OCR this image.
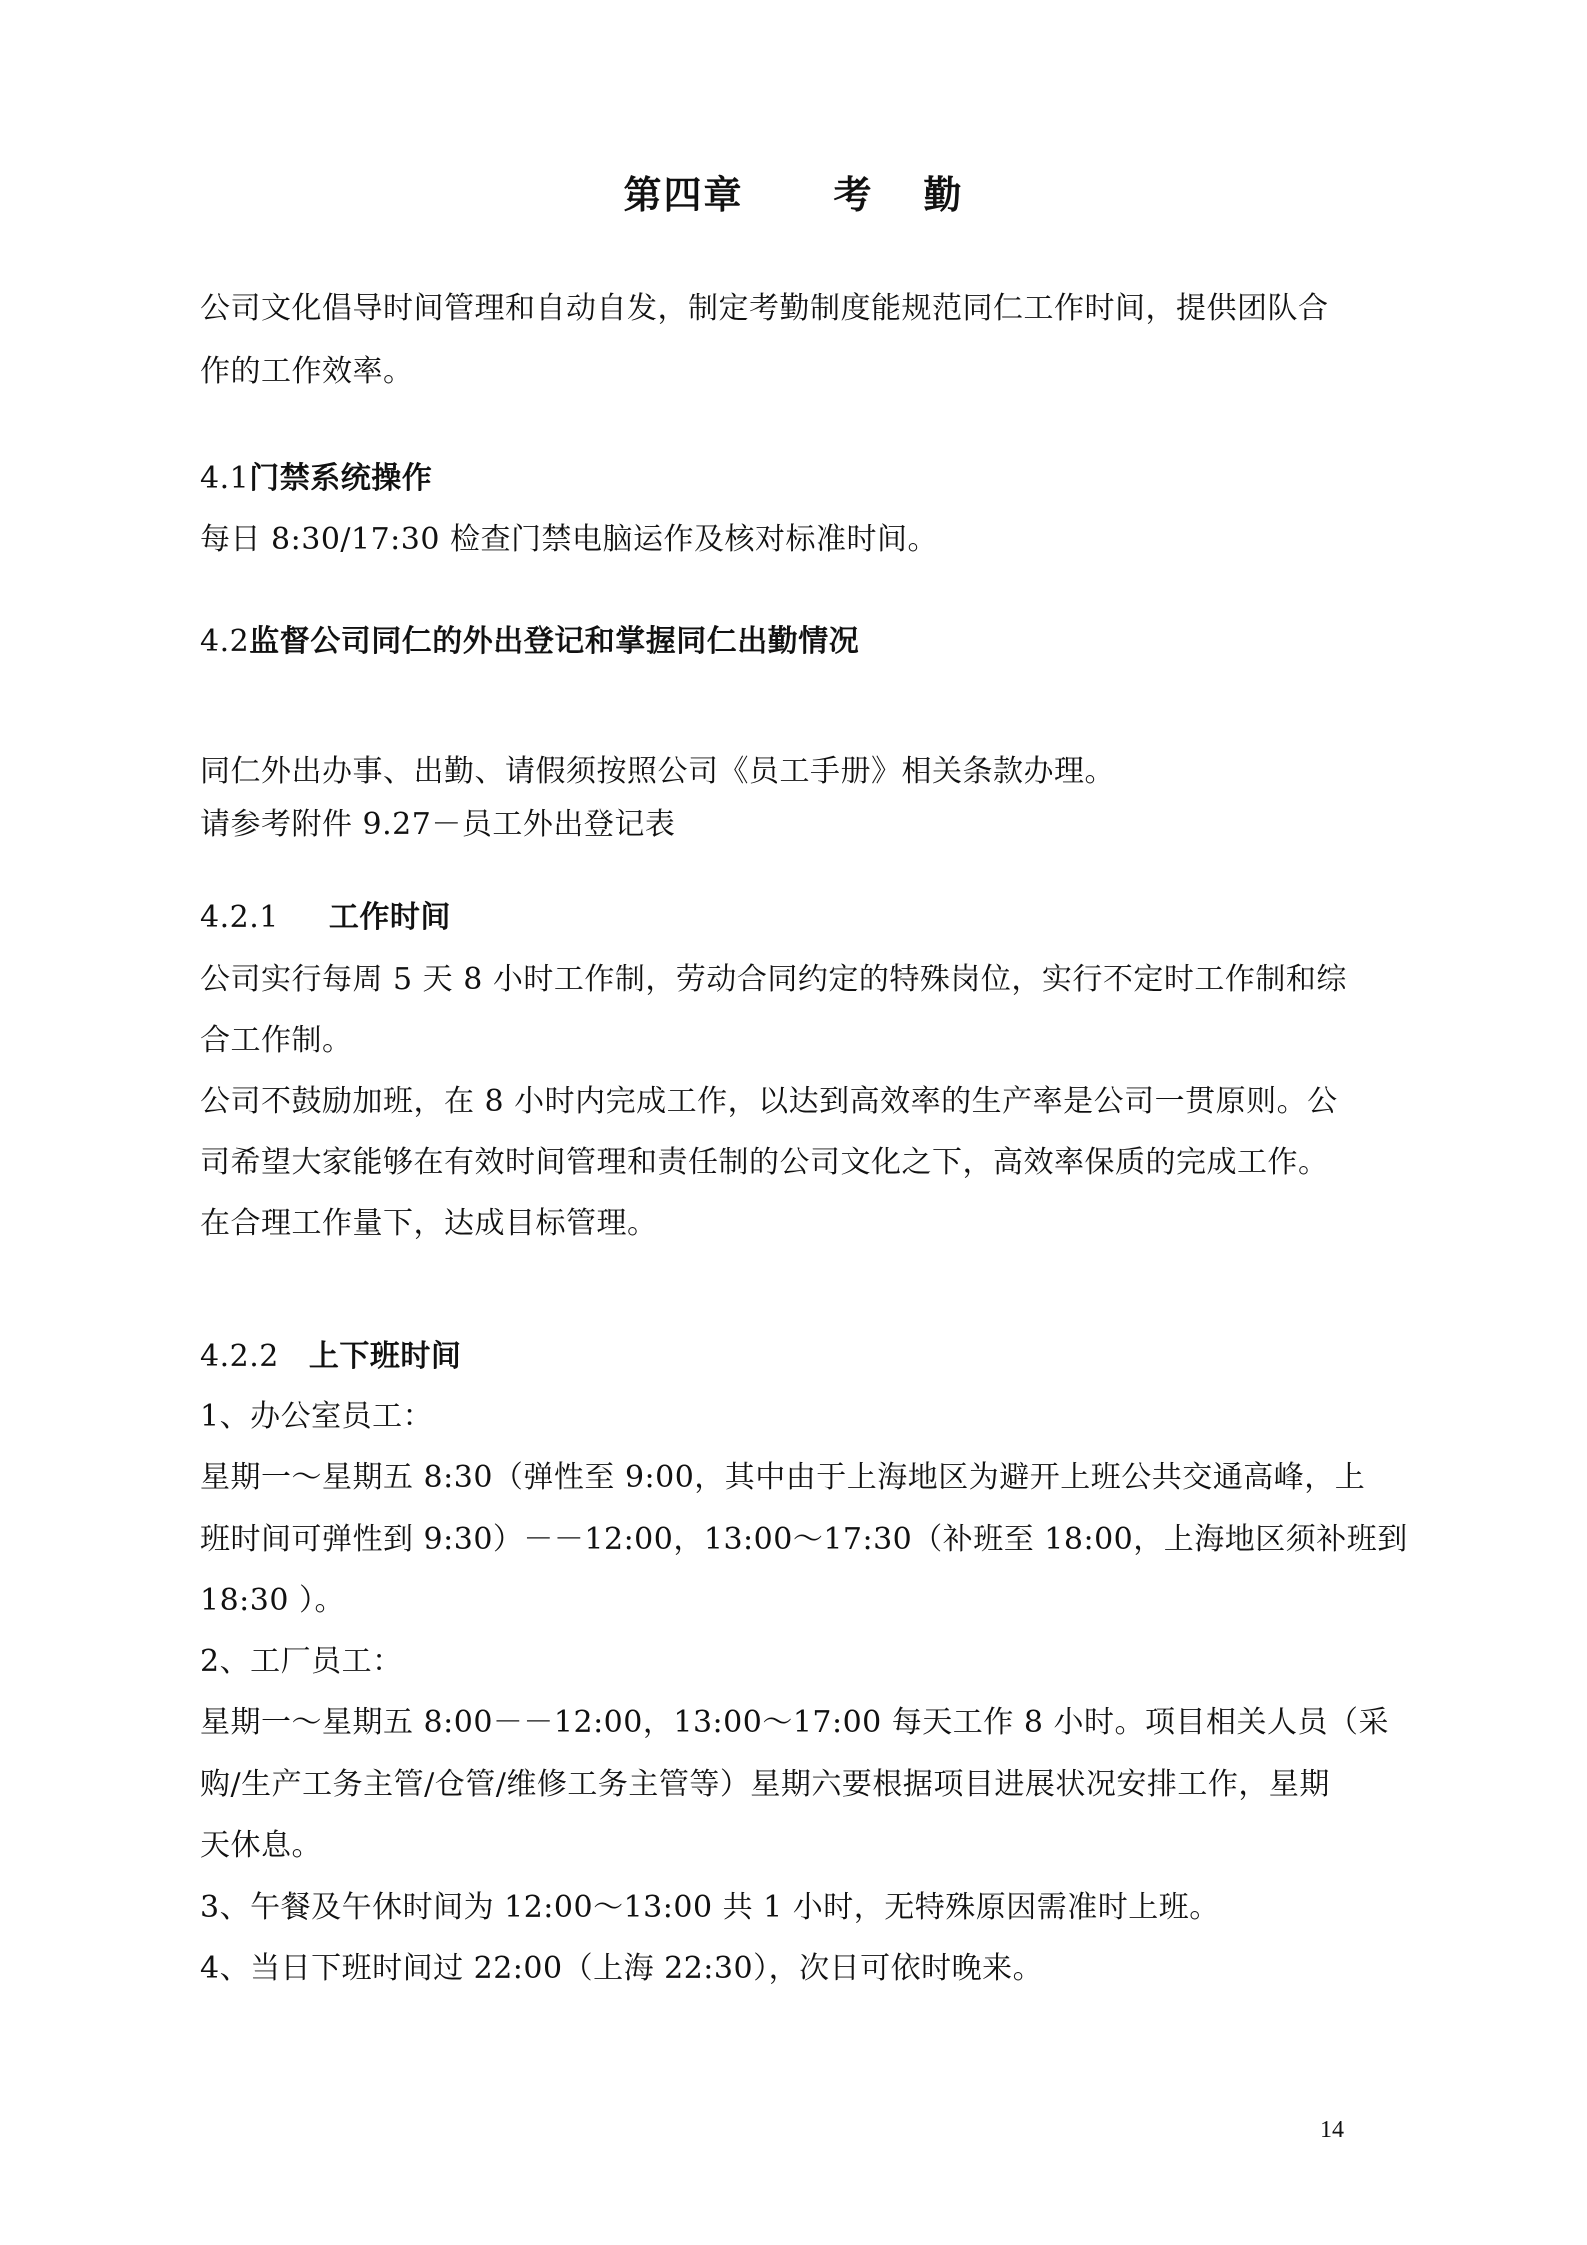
第四章 考 勤
公司文化倡导时间管理和自动自发，制定考勤制度能规范同仁工作时间，提供团队合
作的工作效率。
4.1门禁系统操作
每日 8:30/17:30 检查门禁电脑运作及核对标准时间。
4.2监督公司同仁的外出登记和掌握同仁出勤情况
同仁外出办事、出勤、请假须按照公司《员工手册》相关条款办理。
请参考附件 9.27－员工外出登记表
4.2.1 工作时间
公司实行每周 5 天 8 小时工作制，劳动合同约定的特殊岗位，实行不定时工作制和综
合工作制。
公司不鼓励加班，在 8 小时内完成工作，以达到高效率的生产率是公司一贯原则。公
司希望大家能够在有效时间管理和责任制的公司文化之下，高效率保质的完成工作。
在合理工作量下，达成目标管理。
4.2.2 上下班时间
1、办公室员工：
星期一～星期五 8:30（弹性至 9:00，其中由于上海地区为避开上班公共交通高峰，上
班时间可弹性到 9:30）－－12:00，13:00～17:30（补班至 18:00，上海地区须补班到
18:30 ）。
2、工厂员工：
星期一～星期五 8:00－－12:00，13:00～17:00 每天工作 8 小时。项目相关人员（采
购/生产工务主管/仓管/维修工务主管等）星期六要根据项目进展状况安排工作，星期
天休息。
3、午餐及午休时间为 12:00～13:00 共 1 小时，无特殊原因需准时上班。
4、当日下班时间过 22:00（上海 22:30），次日可依时晚来。
14
